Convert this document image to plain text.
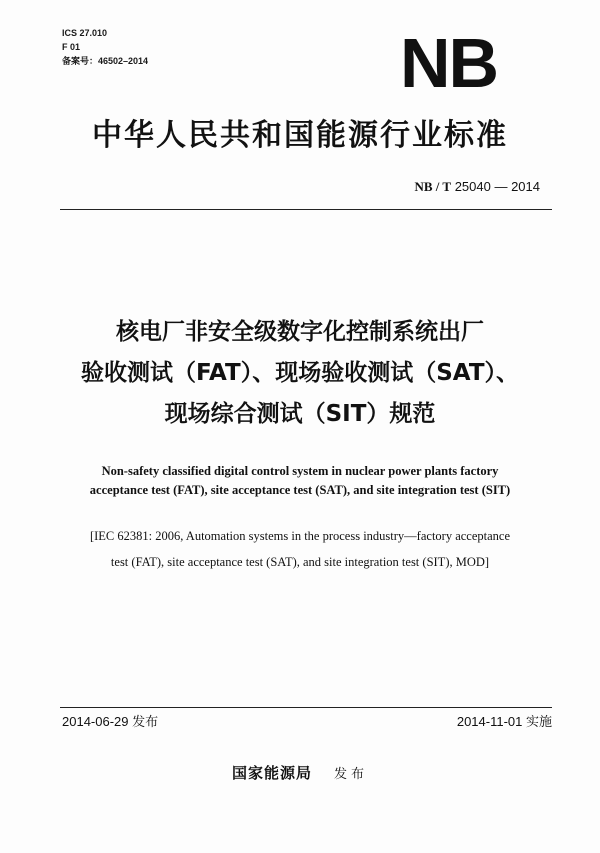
ICS 27.010
F 01
备案号：46502–2014	NB
中华人民共和国能源行业标准
NB / T 25040 — 2014
核电厂非安全级数字化控制系统出厂
验收测试（FAT）、现场验收测试（SAT）、
现场综合测试（SIT）规范
Non-safety classified digital control system in nuclear power plants factory
acceptance test (FAT), site acceptance test (SAT), and site integration test (SIT)
[IEC 62381: 2006, Automation systems in the process industry—factory acceptance
test (FAT), site acceptance test (SAT), and site integration test (SIT), MOD]
2014-06-29 发布	2014-11-01 实施
国家能源局 发布
